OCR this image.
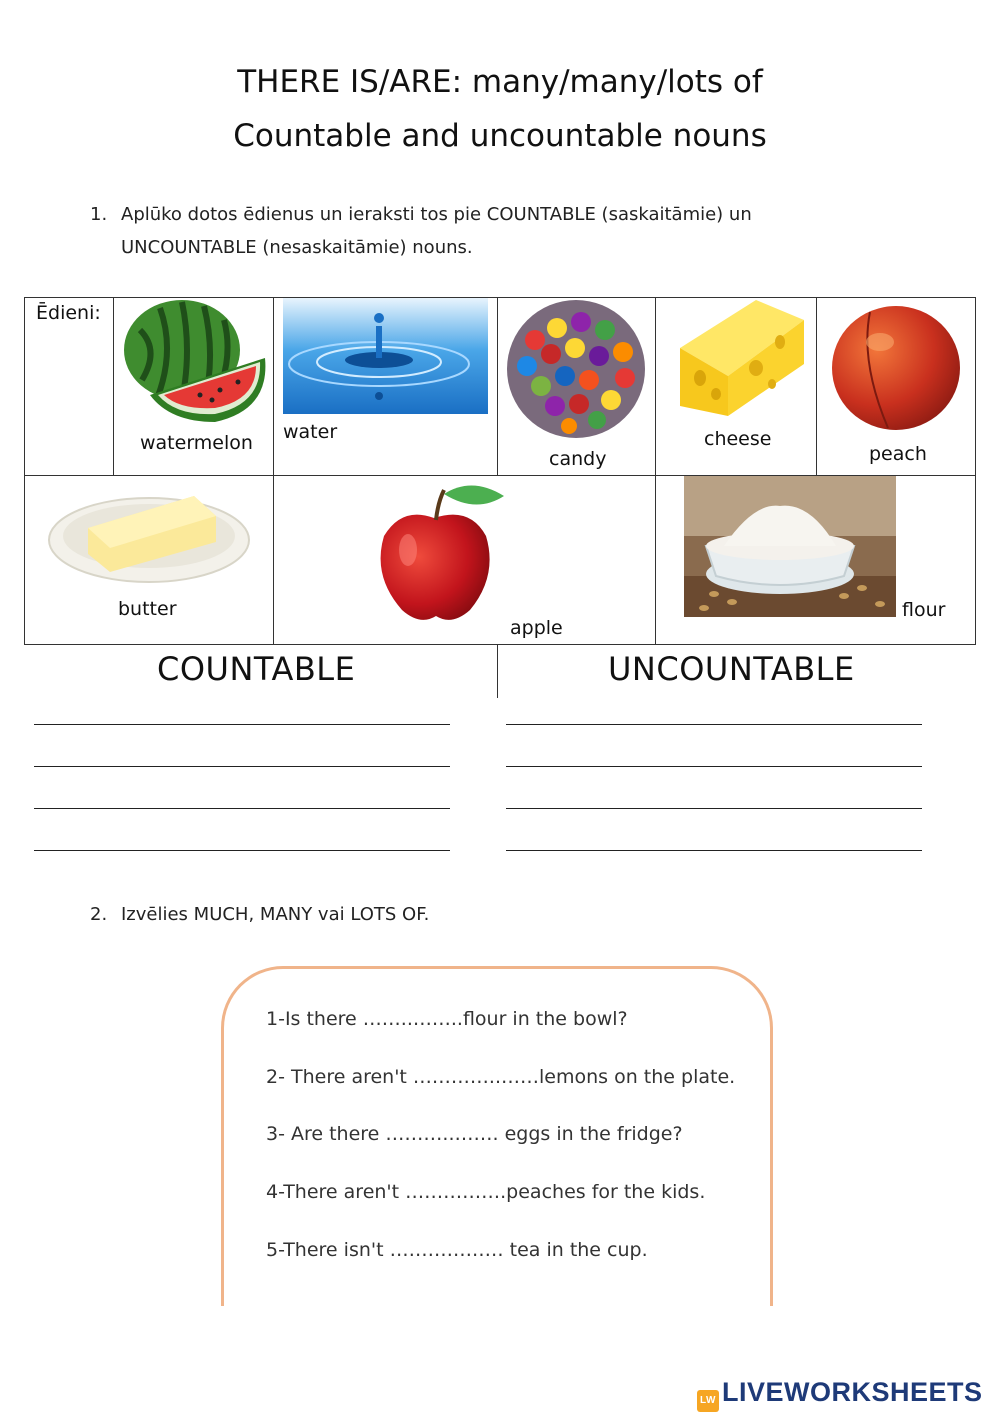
THERE IS/ARE: many/many/lots of
Countable and uncountable nouns
1. Aplūko dotos ēdienus un ieraksti tos pie COUNTABLE (saskaitāmie) un
UNCOUNTABLE (nesaskaitāmie) nouns.
Ēdieni:
watermelon water
candy
cheese
peach
butter
apple
flour
COUNTABLE	UNCOUNTABLE
2. Izvēlies MUCH, MANY vai LOTS OF.
1-Is there ……..……..flour in the bowl?
2- There aren't …………..……lemons on the plate.
3- Are there ………..……. eggs in the fridge?
4-There aren't …………….peaches for the kids.
5-There isn't ……………… tea in the cup.
LW LIVEWORKSHEETS
